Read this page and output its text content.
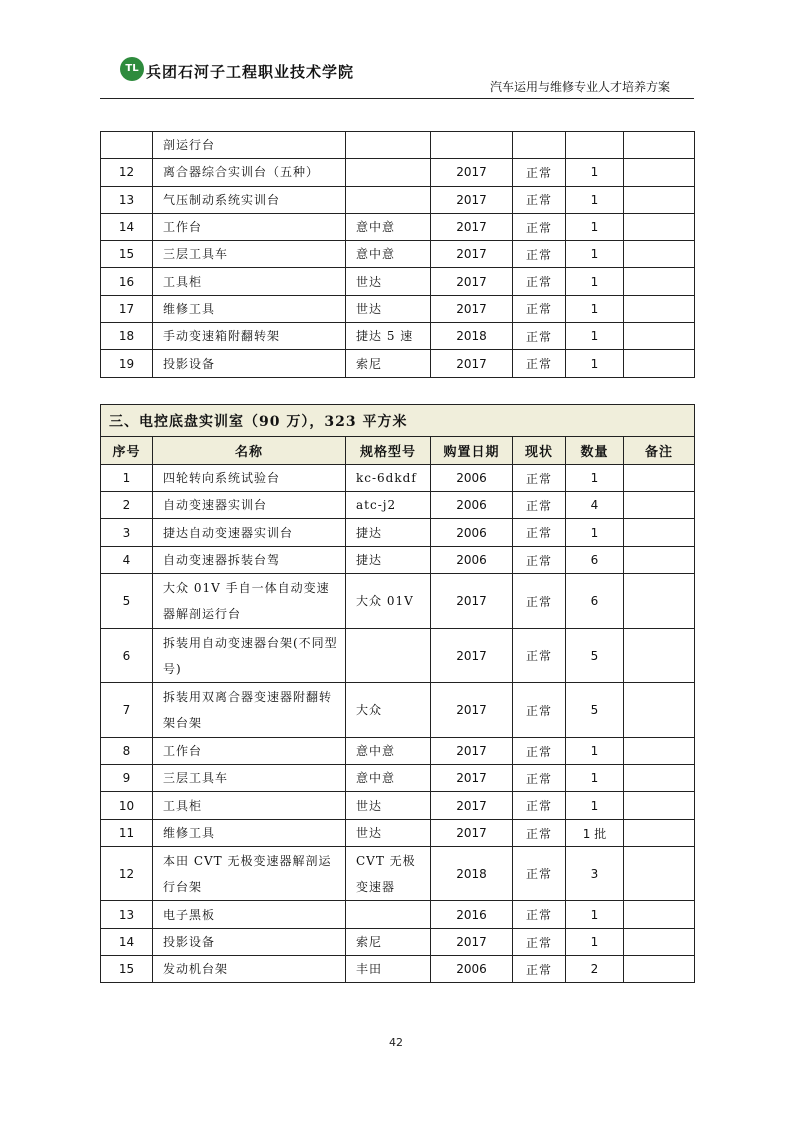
TL 兵团石河子工程职业技术学院
汽车运用与维修专业人才培养方案
	剖运行台					
12	离合器综合实训台（五种）		2017	正常	1	
13	气压制动系统实训台		2017	正常	1	
14	工作台	意中意	2017	正常	1	
15	三层工具车	意中意	2017	正常	1	
16	工具柜	世达	2017	正常	1	
17	维修工具	世达	2017	正常	1	
18	手动变速箱附翻转架	捷达 5 速	2018	正常	1	
19	投影设备	索尼	2017	正常	1	
三、电控底盘实训室（90 万），323 平方米						
序号	名称	规格型号	购置日期	现状	数量	备注
1	四轮转向系统试验台	kc-6dkdf	2006	正常	1	
2	自动变速器实训台	atc-j2	2006	正常	4	
3	捷达自动变速器实训台	捷达	2006	正常	1	
4	自动变速器拆装台驾	捷达	2006	正常	6	
5	大众 01V 手自一体自动变速器解剖运行台	大众 01V	2017	正常	6	
6	拆装用自动变速器台架(不同型号)		2017	正常	5	
7	拆装用双离合器变速器附翻转架台架	大众	2017	正常	5	
8	工作台	意中意	2017	正常	1	
9	三层工具车	意中意	2017	正常	1	
10	工具柜	世达	2017	正常	1	
11	维修工具	世达	2017	正常	1 批	
12	本田 CVT 无极变速器解剖运行台架	CVT 无极变速器	2018	正常	3	
13	电子黑板		2016	正常	1	
14	投影设备	索尼	2017	正常	1	
15	发动机台架	丰田	2006	正常	2	
42
